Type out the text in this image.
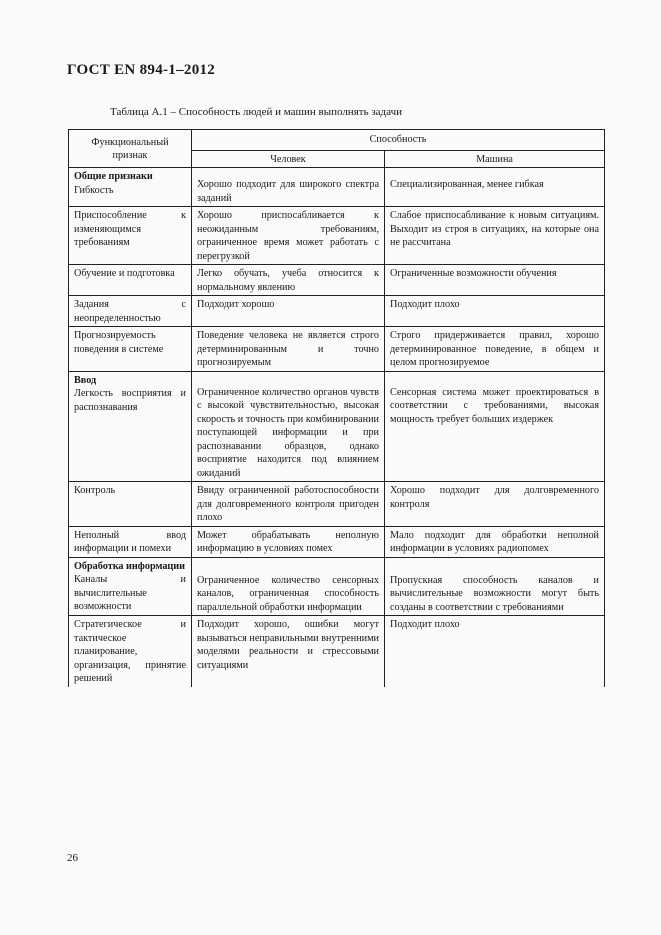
ГОСТ EN 894-1–2012
Таблица А.1 – Способность людей и машин выполнять задачи
Функциональный признак	Способность	
	Человек	Машина

Общие признаки
Гибкость	Хорошо подходит для широкого спектра заданий	Специализированная, менее гибкая
Приспособление к изменяющимся требованиям	Хорошо приспосабливается к неожиданным требованиям, ограниченное время может работать с перегрузкой	Слабое приспосабливание к новым ситуациям. Выходит из строя в ситуациях, на которые она не рассчитана
Обучение и подготовка	Легко обучать, учеба относится к нормальному явлению	Ограниченные возможности обучения
Задания с неопределенностью	Подходит хорошо	Подходит плохо
Прогнозируемость поведения в системе	Поведение человека не является строго детерминированным и точно прогнозируемым	Строго придерживается правил, хорошо детерминированное поведение, в общем и целом прогнозируемое

Ввод
Легкость восприятия и распознавания	Ограниченное количество органов чувств с высокой чувствительностью, высокая скорость и точность при комбинировании поступающей информации и при распознавании образцов, однако восприятие находится под влиянием ожиданий	Сенсорная система может проектироваться в соответствии с требованиями, высокая мощность требует больших издержек
Контроль	Ввиду ограниченной работоспособности для долговременного контроля пригоден плохо	Хорошо подходит для долговременного контроля
Неполный ввод информации и помехи	Может обрабатывать неполную информацию в условиях помех	Мало подходит для обработки неполной информации в условиях радиопомех

Обработка информации
Каналы и вычислительные возможности	Ограниченное количество сенсорных каналов, ограниченная способность параллельной обработки информации	Пропускная способность каналов и вычислительные возможности могут быть созданы в соответствии с требованиями
Стратегическое и тактическое планирование, организация, принятие решений	Подходит хорошо, ошибки могут вызываться неправильными внутренними моделями реальности и стрессовыми ситуациями	Подходит плохо
26
